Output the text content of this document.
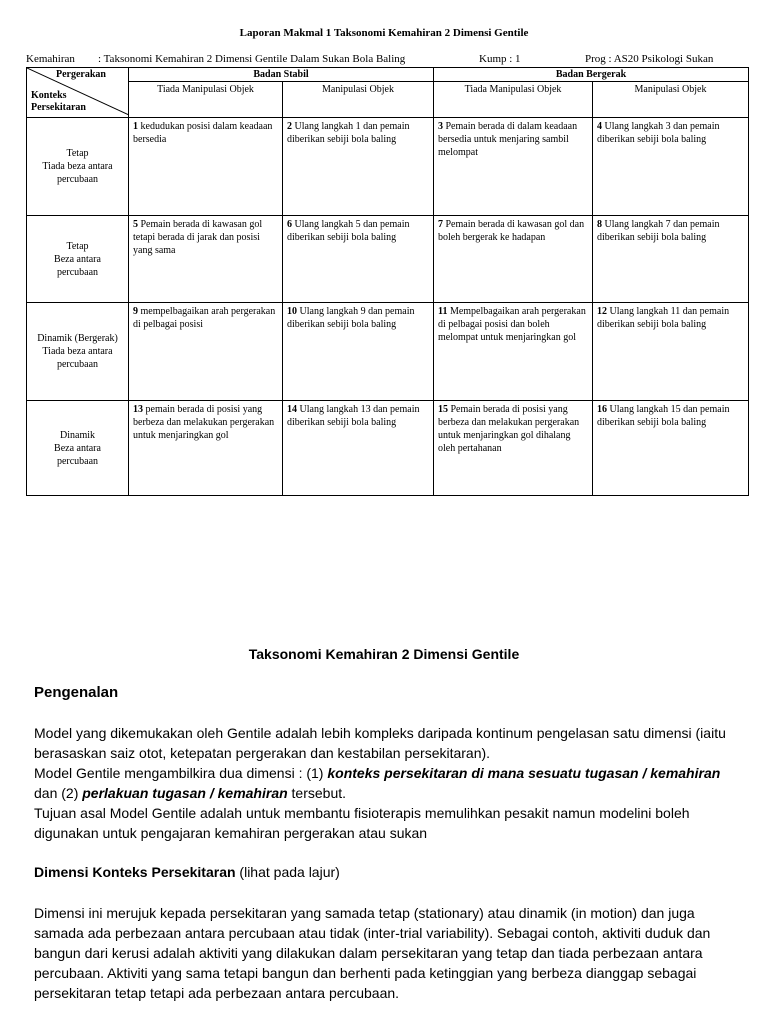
Laporan Makmal 1 Taksonomi Kemahiran 2 Dimensi Gentile
Kemahiran : Taksonomi Kemahiran 2 Dimensi Gentile Dalam Sukan Bola Baling	Kump : 1	Prog : AS20 Psikologi Sukan
Pergerakan
Konteks Persekitaran	Badan Stabil		Badan Bergerak	
	Tiada Manipulasi Objek	Manipulasi Objek	Tiada Manipulasi Objek	Manipulasi Objek

Tetap
Tiada beza antara
percubaan	1 kedudukan posisi dalam keadaan bersedia	2 Ulang langkah 1 dan pemain diberikan sebiji bola baling	3 Pemain berada di dalam keadaan bersedia untuk menjaring sambil melompat	4 Ulang langkah 3 dan pemain diberikan sebiji bola baling

Tetap
Beza antara
percubaan	5 Pemain berada di kawasan gol tetapi berada di jarak dan posisi yang sama	6 Ulang langkah 5 dan pemain diberikan sebiji bola baling	7 Pemain berada di kawasan gol dan boleh bergerak ke hadapan	8 Ulang langkah 7 dan pemain diberikan sebiji bola baling

Dinamik (Bergerak)
Tiada beza antara
percubaan	9 mempelbagaikan arah pergerakan di pelbagai posisi	10 Ulang langkah 9 dan pemain diberikan sebiji bola baling	11 Mempelbagaikan arah pergerakan di pelbagai posisi dan boleh melompat untuk menjaringkan gol	12 Ulang langkah 11 dan pemain diberikan sebiji bola baling

Dinamik
Beza antara
percubaan	13 pemain berada di posisi yang berbeza dan melakukan pergerakan untuk menjaringkan gol	14 Ulang langkah 13 dan pemain diberikan sebiji bola baling	15 Pemain berada di posisi yang berbeza dan melakukan pergerakan untuk menjaringkan gol dihalang oleh pertahanan	16 Ulang langkah 15 dan pemain diberikan sebiji bola baling
Taksonomi Kemahiran 2 Dimensi Gentile
Pengenalan
Model yang dikemukakan oleh Gentile adalah lebih kompleks daripada kontinum pengelasan satu dimensi (iaitu berasaskan saiz otot, ketepatan pergerakan dan kestabilan persekitaran).
Model Gentile mengambilkira dua dimensi : (1) konteks persekitaran di mana sesuatu tugasan / kemahiran dan (2) perlakuan tugasan / kemahiran tersebut.
Tujuan asal Model Gentile adalah untuk membantu fisioterapis memulihkan pesakit namun modelini boleh digunakan untuk pengajaran kemahiran pergerakan atau sukan
Dimensi Konteks Persekitaran (lihat pada lajur)
Dimensi ini merujuk kepada persekitaran yang samada tetap (stationary) atau dinamik (in motion) dan juga samada ada perbezaan antara percubaan atau tidak (inter-trial variability). Sebagai contoh, aktiviti duduk dan bangun dari kerusi adalah aktiviti yang dilakukan dalam persekitaran yang tetap dan tiada perbezaan antara percubaan. Aktiviti yang sama tetapi bangun dan berhenti pada ketinggian yang berbeza dianggap sebagai persekitaran tetap tetapi ada perbezaan antara percubaan.
